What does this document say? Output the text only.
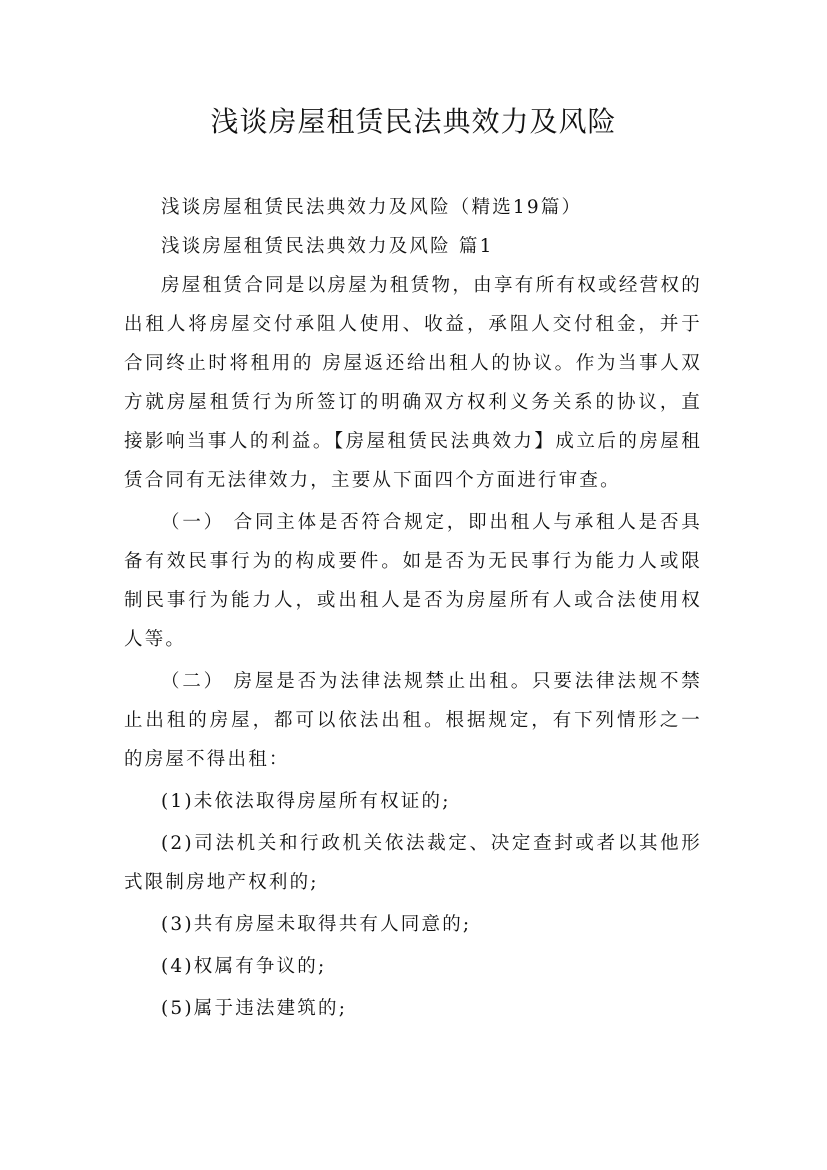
浅谈房屋租赁民法典效力及风险

浅谈房屋租赁民法典效力及风险（精选19篇）

浅谈房屋租赁民法典效力及风险 篇1

房屋租赁合同是以房屋为租赁物，由享有所有权或经营权的出租人将房屋交付承阻人使用、收益，承阻人交付租金，并于合同终止时将租用的 房屋返还给出租人的协议。作为当事人双方就房屋租赁行为所签订的明确双方权利义务关系的协议，直接影响当事人的利益。【房屋租赁民法典效力】成立后的房屋租赁合同有无法律效力，主要从下面四个方面进行审查。

（一） 合同主体是否符合规定，即出租人与承租人是否具备有效民事行为的构成要件。如是否为无民事行为能力人或限制民事行为能力人，或出租人是否为房屋所有人或合法使用权人等。

（二） 房屋是否为法律法规禁止出租。只要法律法规不禁止出租的房屋，都可以依法出租。根据规定，有下列情形之一的房屋不得出租：

(1)未依法取得房屋所有权证的;

(2)司法机关和行政机关依法裁定、决定查封或者以其他形式限制房地产权利的;

(3)共有房屋未取得共有人同意的;

(4)权属有争议的;

(5)属于违法建筑的;
